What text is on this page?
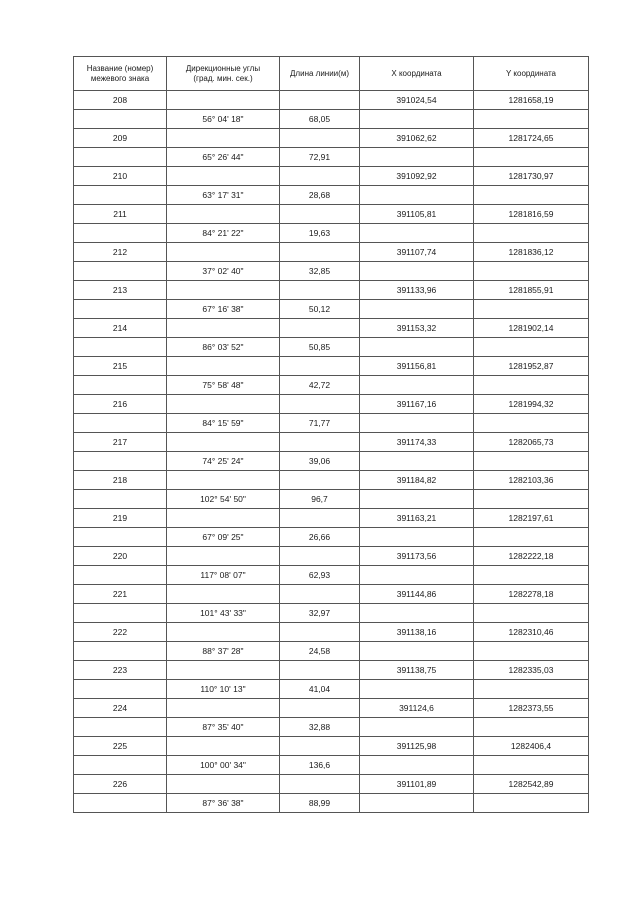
Название (номер)
межевого знака	Дирекционные углы
(град. мин. сек.)	Длина линии(м)	X координата	Y координата
208			391024,54	1281658,19
	56° 04' 18"	68,05		
209			391062,62	1281724,65
	65° 26' 44"	72,91		
210			391092,92	1281730,97
	63° 17' 31"	28,68		
211			391105,81	1281816,59
	84° 21' 22"	19,63		
212			391107,74	1281836,12
	37° 02' 40"	32,85		
213			391133,96	1281855,91
	67° 16' 38"	50,12		
214			391153,32	1281902,14
	86° 03' 52"	50,85		
215			391156,81	1281952,87
	75° 58' 48"	42,72		
216			391167,16	1281994,32
	84° 15' 59"	71,77		
217			391174,33	1282065,73
	74° 25' 24"	39,06		
218			391184,82	1282103,36
	102° 54' 50"	96,7		
219			391163,21	1282197,61
	67° 09' 25"	26,66		
220			391173,56	1282222,18
	117° 08' 07"	62,93		
221			391144,86	1282278,18
	101° 43' 33"	32,97		
222			391138,16	1282310,46
	88° 37' 28"	24,58		
223			391138,75	1282335,03
	110° 10' 13"	41,04		
224			391124,6	1282373,55
	87° 35' 40"	32,88		
225			391125,98	1282406,4
	100° 00' 34"	136,6		
226			391101,89	1282542,89
	87° 36' 38"	88,99		
